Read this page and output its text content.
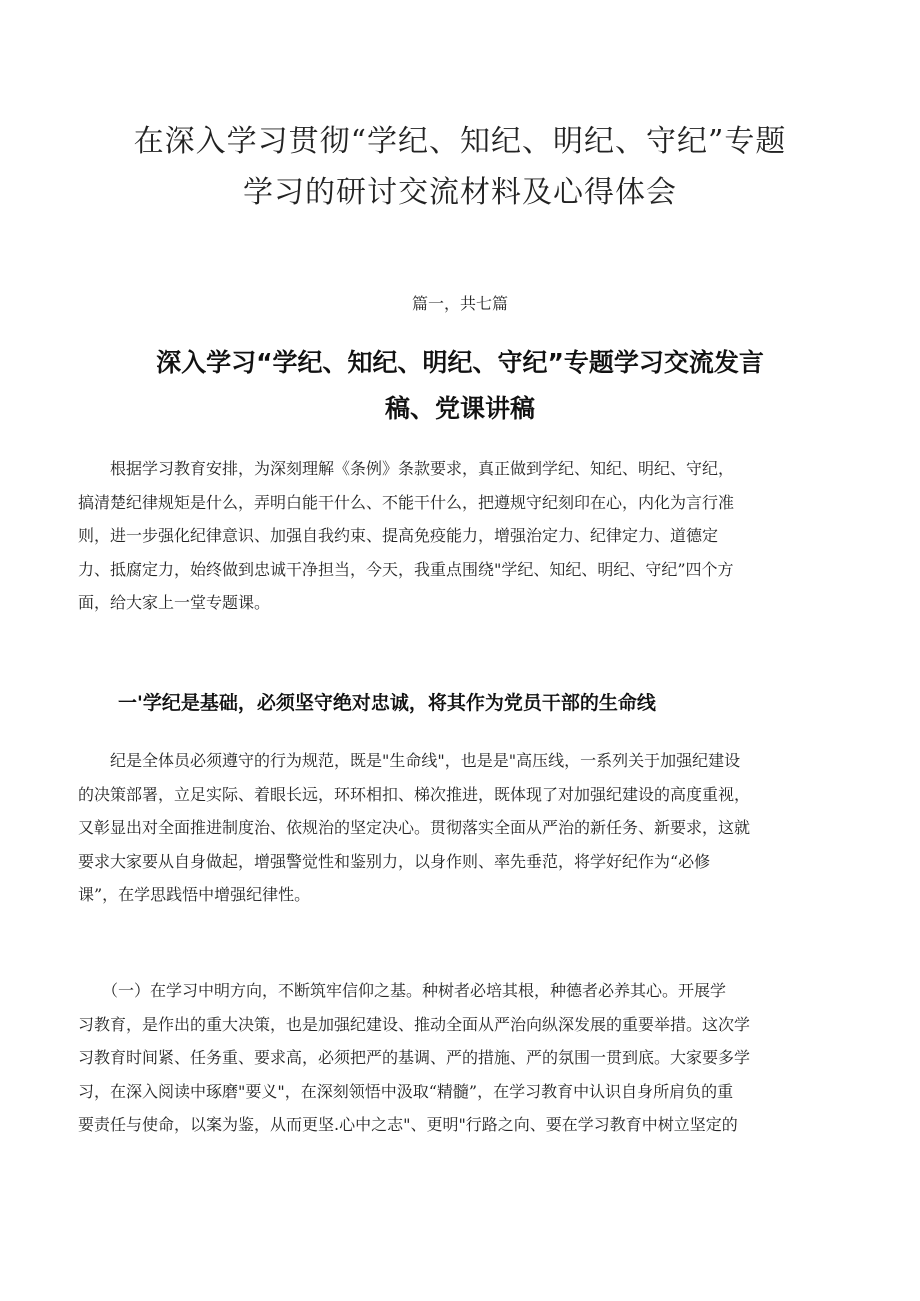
在深入学习贯彻“学纪、知纪、明纪、守纪”专题
学习的研讨交流材料及心得体会
篇一，共七篇
深入学习“学纪、知纪、明纪、守纪”专题学习交流发言
稿、党课讲稿

　　根据学习教育安排，为深刻理解《条例》条款要求，真正做到学纪、知纪、明纪、守纪，
搞清楚纪律规矩是什么，弄明白能干什么、不能干什么，把遵规守纪刻印在心，内化为言行准
则，进一步强化纪律意识、加强自我约束、提高免疫能力，增强治定力、纪律定力、道德定
力、抵腐定力，始终做到忠诚干净担当，今天，我重点围绕"学纪、知纪、明纪、守纪”四个方
面，给大家上一堂专题课。

一'学纪是基础，必须坚守绝对忠诚，将其作为党员干部的生命线

　　纪是全体员必须遵守的行为规范，既是"生命线"，也是是"高压线，一系列关于加强纪建设
的决策部署，立足实际、着眼长远，环环相扣、梯次推进，既体现了对加强纪建设的高度重视，
又彰显出对全面推进制度治、依规治的坚定决心。贯彻落实全面从严治的新任务、新要求，这就
要求大家要从自身做起，增强警觉性和鉴别力，以身作则、率先垂范，将学好纪作为“必修
课”，在学思践悟中增强纪律性。

　　（一）在学习中明方向，不断筑牢信仰之基。种树者必培其根，种德者必养其心。开展学
习教育，是作出的重大决策，也是加强纪建设、推动全面从严治向纵深发展的重要举措。这次学
习教育时间紧、任务重、要求高，必须把严的基调、严的措施、严的氛围一贯到底。大家要多学
习，在深入阅读中琢磨"要义"，在深刻领悟中汲取“精髓”，在学习教育中认识自身所肩负的重
要责任与使命，以案为鉴，从而更坚.心中之志"、更明"行路之向、要在学习教育中树立坚定的
